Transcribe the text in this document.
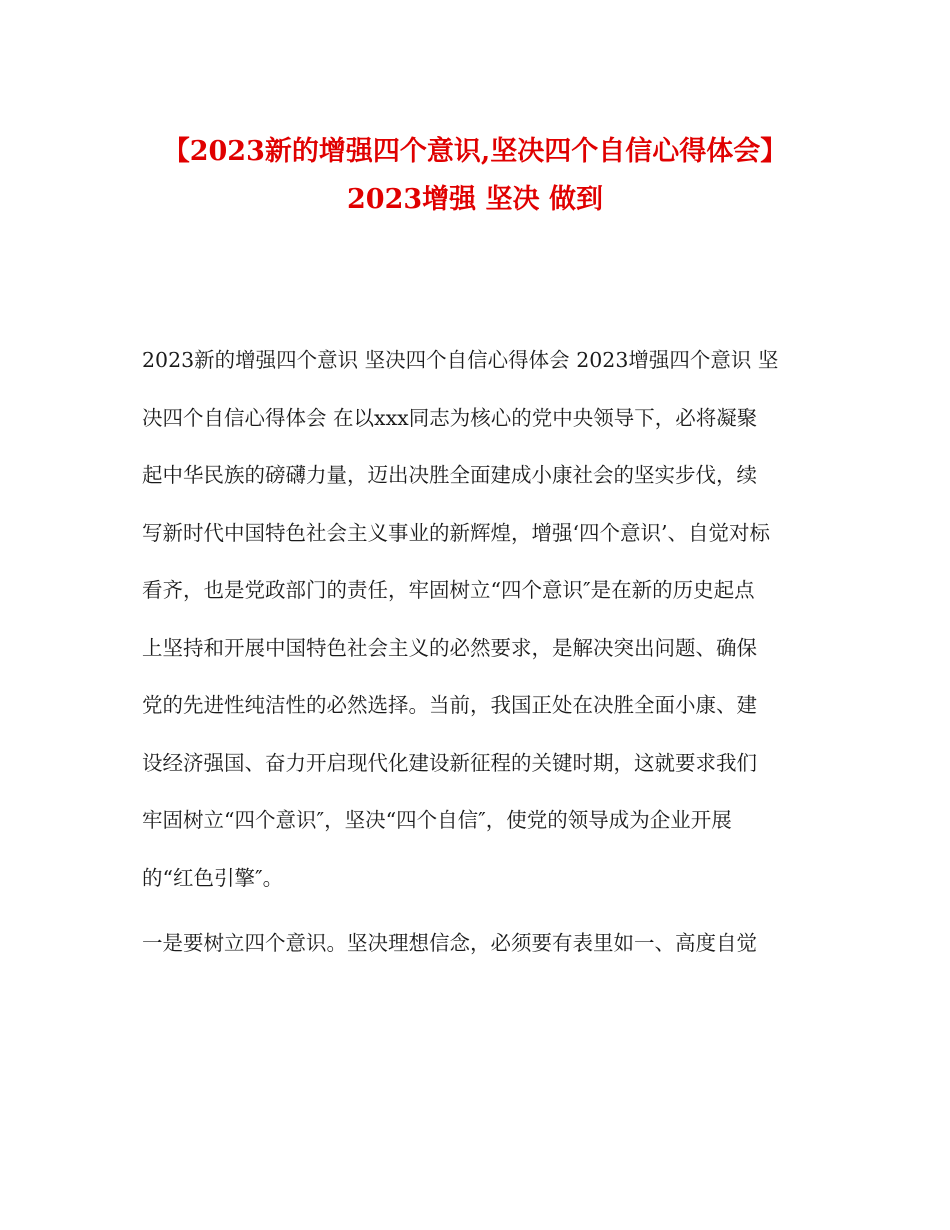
【2023新的增强四个意识,坚决四个自信心得体会】
2023增强 坚决 做到
2023新的增强四个意识 坚决四个自信心得体会 2023增强四个意识 坚
决四个自信心得体会 在以xxx同志为核心的党中央领导下，必将凝聚
起中华民族的磅礴力量，迈出决胜全面建成小康社会的坚实步伐，续
写新时代中国特色社会主义事业的新辉煌，增强‘四个意识’、自觉对标
看齐，也是党政部门的责任，牢固树立“四个意识″是在新的历史起点
上坚持和开展中国特色社会主义的必然要求，是解决突出问题、确保
党的先进性纯洁性的必然选择。当前，我国正处在决胜全面小康、建
设经济强国、奋力开启现代化建设新征程的关键时期，这就要求我们
牢固树立“四个意识″，坚决“四个自信″，使党的领导成为企业开展
的“红色引擎″。
一是要树立四个意识。坚决理想信念，必须要有表里如一、高度自觉
